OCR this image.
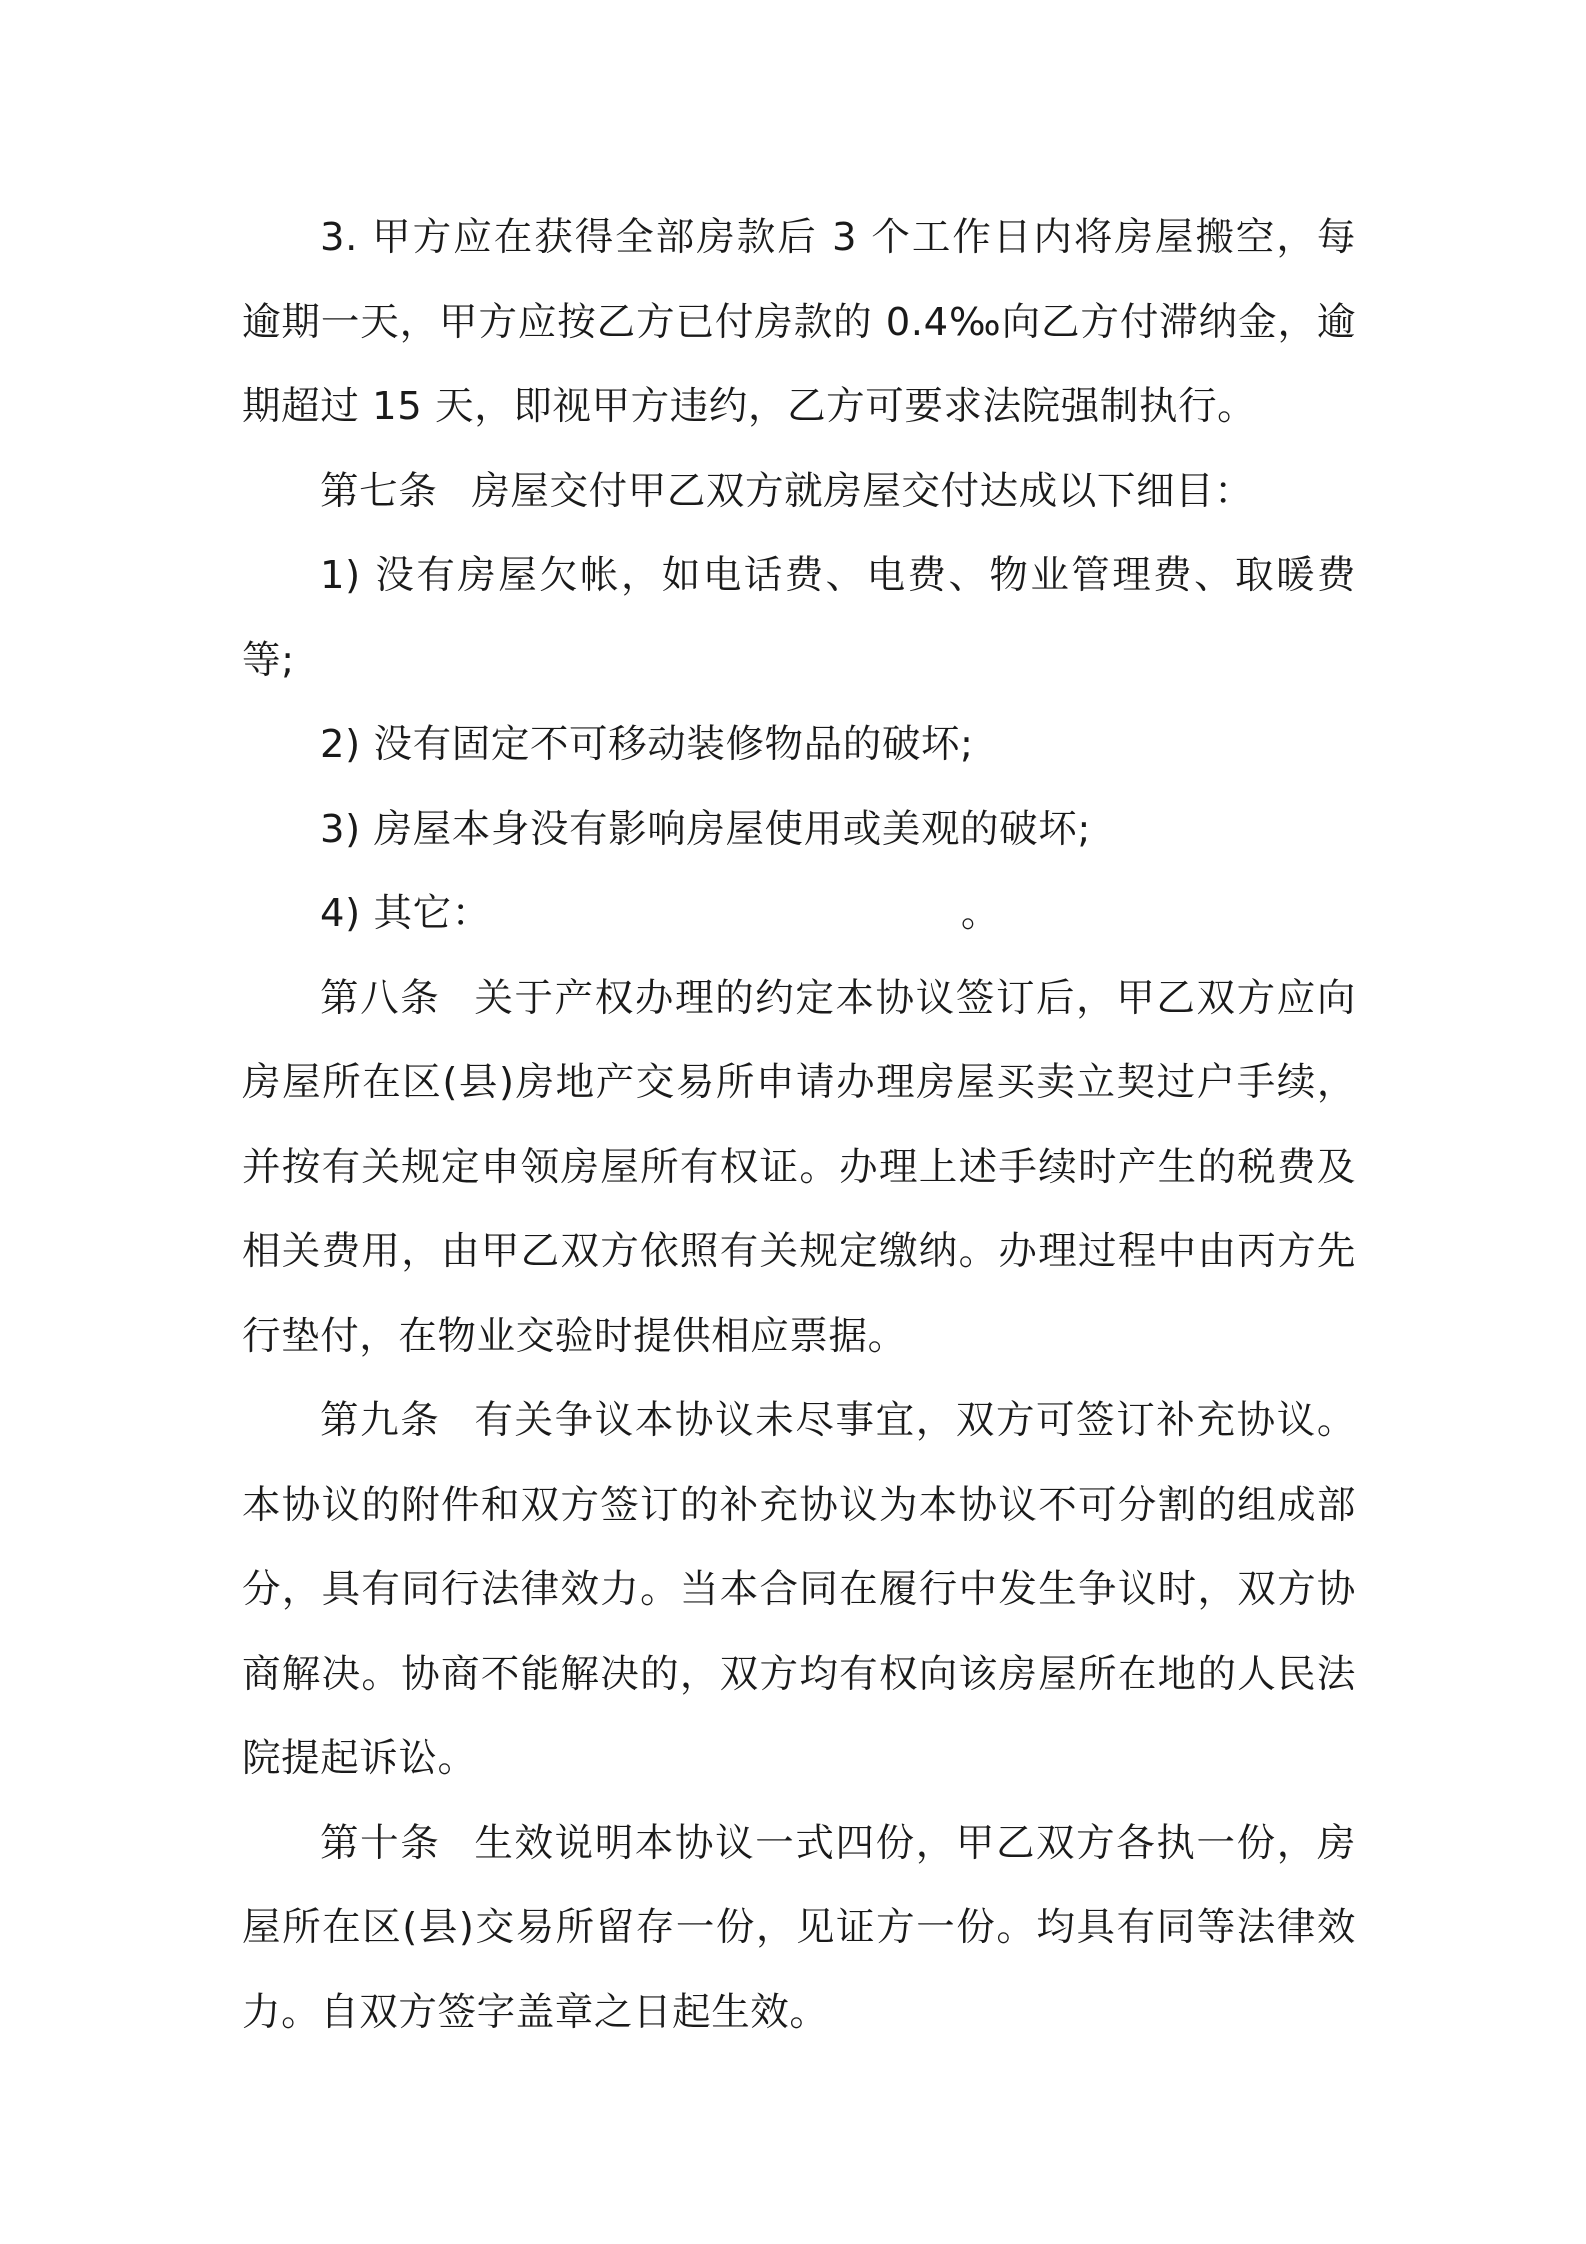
3. 甲方应在获得全部房款后 3 个工作日内将房屋搬空，每逾期一天，甲方应按乙方已付房款的 0.4‰向乙方付滞纳金，逾期超过 15 天，即视甲方违约，乙方可要求法院强制执行。

第七条 房屋交付甲乙双方就房屋交付达成以下细目：

1) 没有房屋欠帐，如电话费、电费、物业管理费、取暖费等;

2) 没有固定不可移动装修物品的破坏;

3) 房屋本身没有影响房屋使用或美观的破坏;

4) 其它：	。

第八条 关于产权办理的约定本协议签订后，甲乙双方应向房屋所在区(县)房地产交易所申请办理房屋买卖立契过户手续，并按有关规定申领房屋所有权证。办理上述手续时产生的税费及相关费用，由甲乙双方依照有关规定缴纳。办理过程中由丙方先行垫付，在物业交验时提供相应票据。

第九条 有关争议本协议未尽事宜，双方可签订补充协议。本协议的附件和双方签订的补充协议为本协议不可分割的组成部分，具有同行法律效力。当本合同在履行中发生争议时，双方协商解决。协商不能解决的，双方均有权向该房屋所在地的人民法院提起诉讼。

第十条 生效说明本协议一式四份，甲乙双方各执一份，房屋所在区(县)交易所留存一份，见证方一份。均具有同等法律效力。自双方签字盖章之日起生效。
